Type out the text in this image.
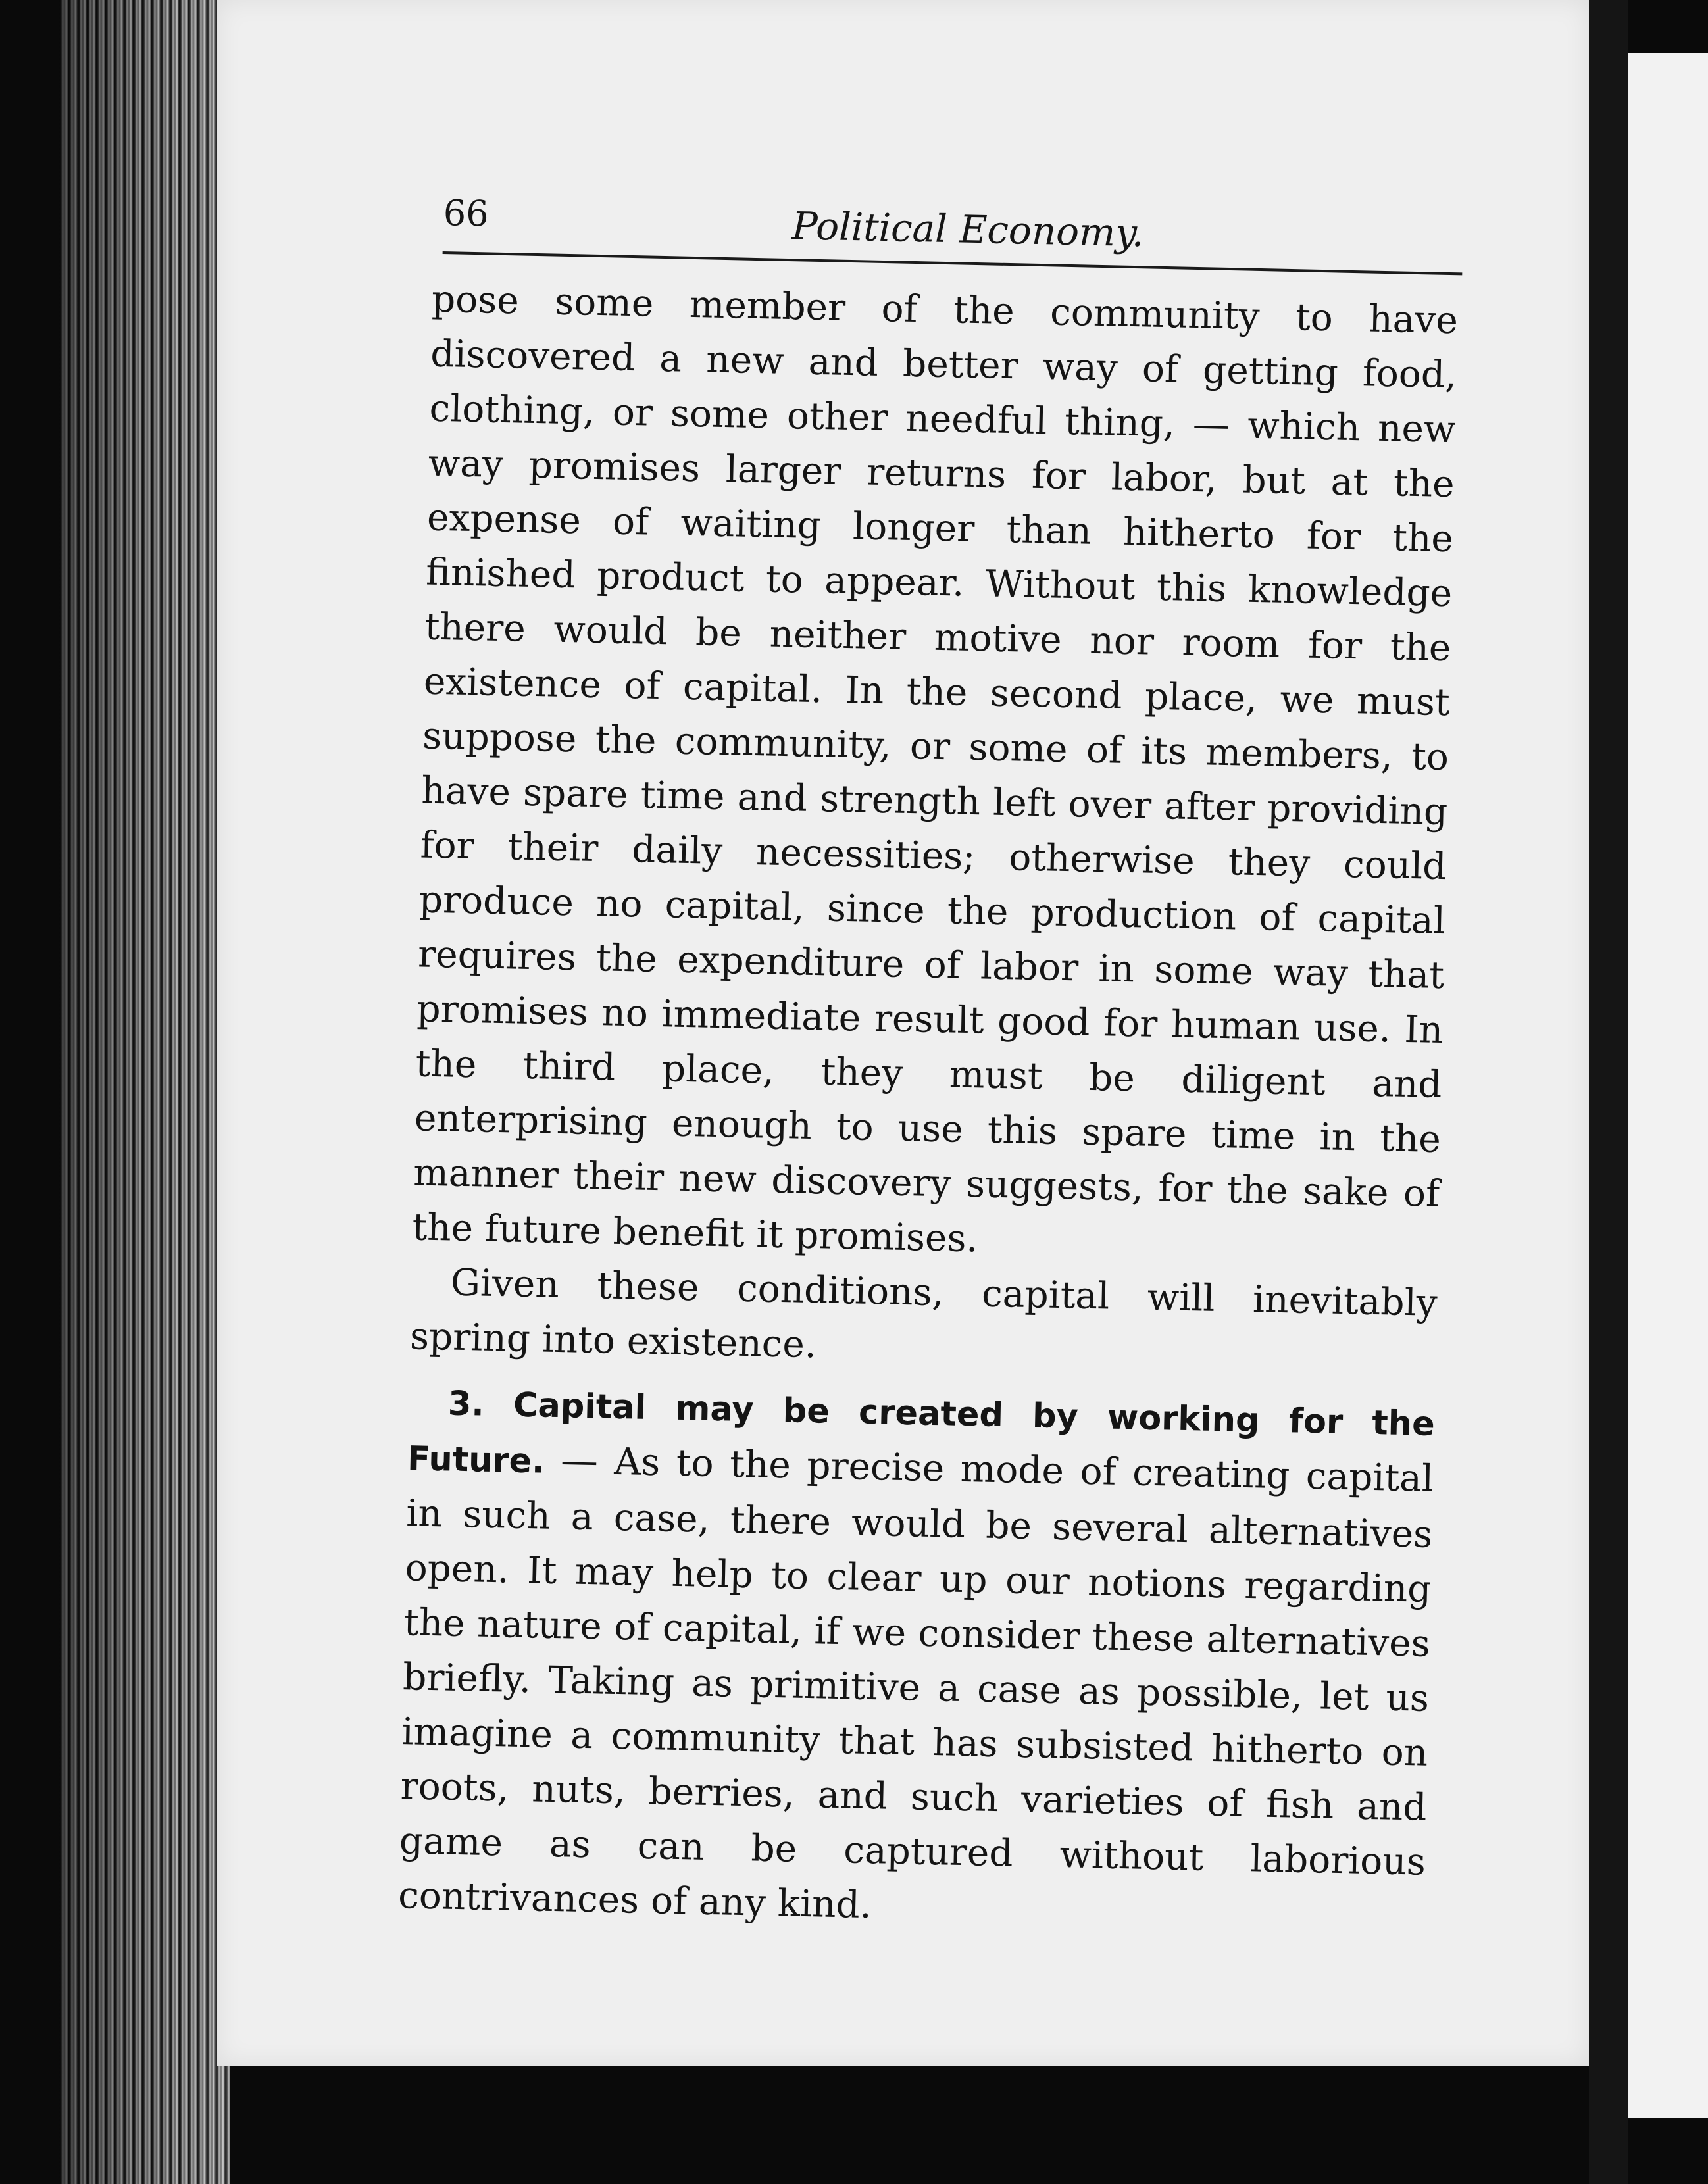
66	Political Economy.

pose some member of the community to have discovered a new and better way of getting food, clothing, or some other needful thing, — which new way promises larger returns for labor, but at the expense of waiting longer than hitherto for the finished product to appear. Without this knowledge there would be neither motive nor room for the existence of capital. In the second place, we must suppose the community, or some of its members, to have spare time and strength left over after providing for their daily necessities; otherwise they could produce no capital, since the production of capital requires the expenditure of labor in some way that promises no immediate result good for human use. In the third place, they must be diligent and enterprising enough to use this spare time in the manner their new discovery suggests, for the sake of the future benefit it promises.

Given these conditions, capital will inevitably spring into existence.

3. Capital may be created by working for the Future. — As to the precise mode of creating capital in such a case, there would be several alternatives open. It may help to clear up our notions regarding the nature of capital, if we consider these alternatives briefly. Taking as primitive a case as possible, let us imagine a community that has subsisted hitherto on roots, nuts, berries, and such varieties of fish and game as can be captured without laborious contrivances of any kind.
